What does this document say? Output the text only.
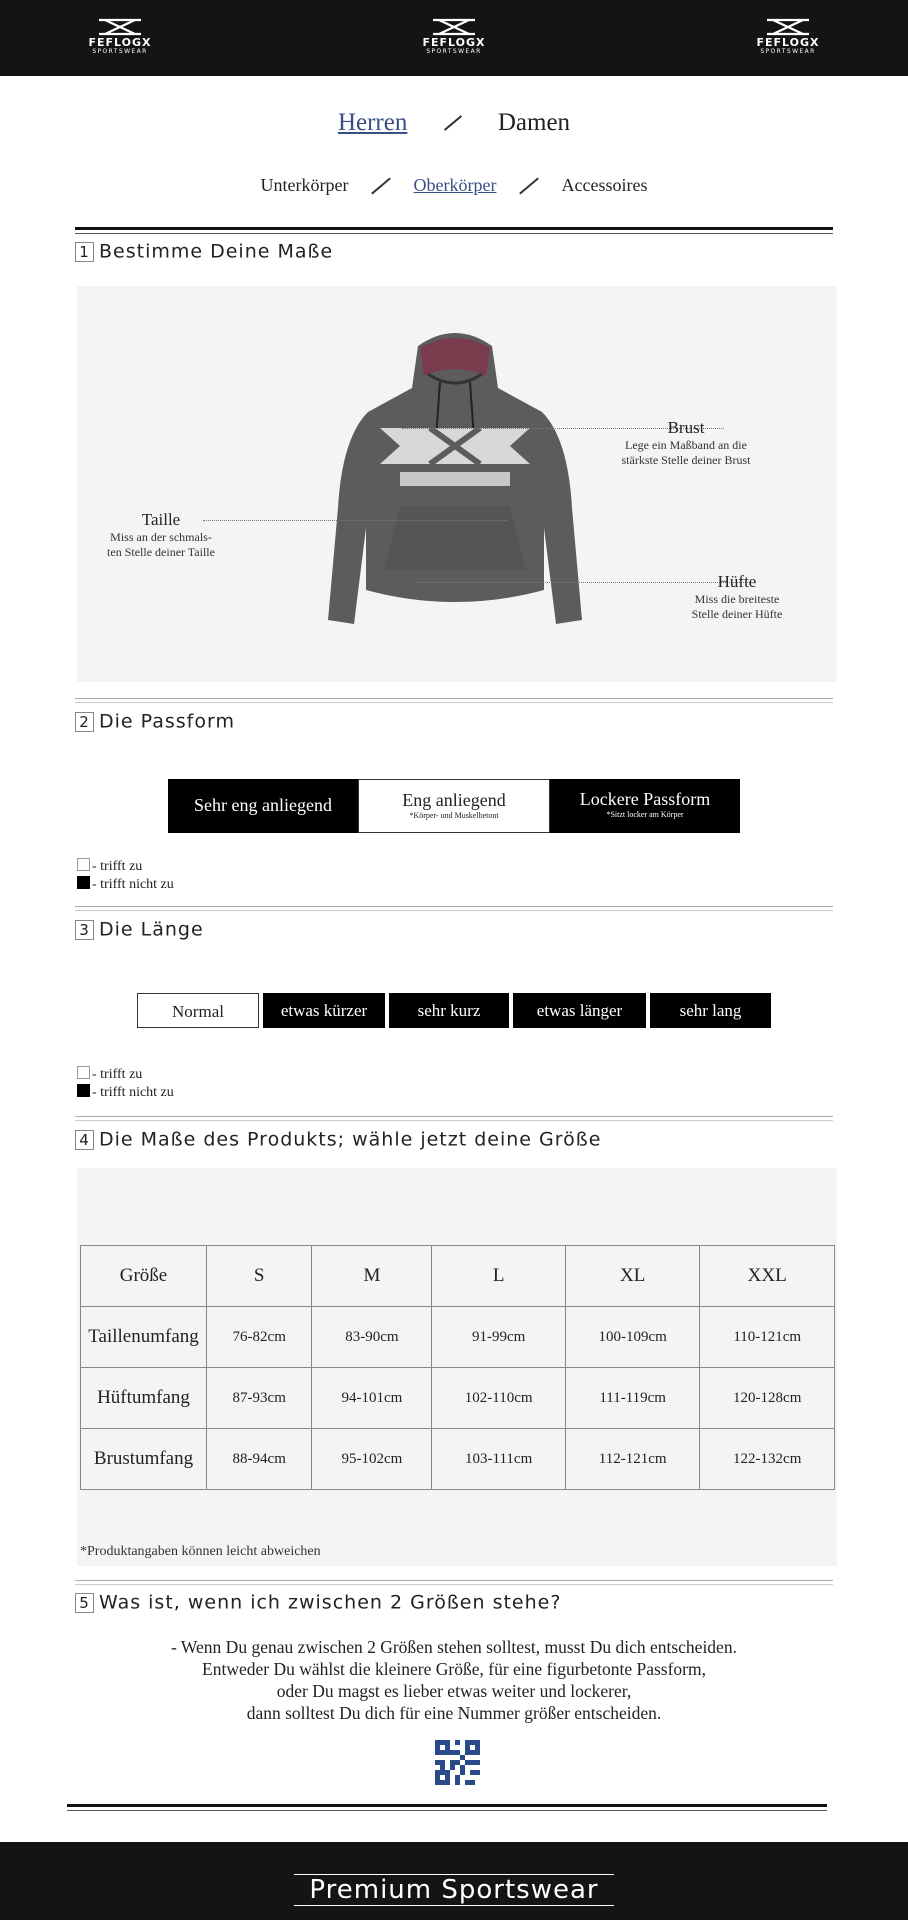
FEFLOGX
SPORTSWEAR
FEFLOGX
SPORTSWEAR
FEFLOGX
SPORTSWEAR
Herren	Damen
Unterkörper	Oberkörper	Accessoires
1 Bestimme Deine Maße
Brust
Lege ein Maßband an die
stärkste Stelle deiner Brust
Taille
Miss an der schmals-
ten Stelle deiner Taille
Hüfte
Miss die breiteste
Stelle deiner Hüfte
2 Die Passform
Sehr eng anliegend	Eng anliegend
*Körper- und Muskelbetont
Lockere Passform
*Sitzt locker am Körper
- trifft zu
- trifft nicht zu
3 Die Länge
Normal	etwas kürzer	sehr kurz	etwas länger	sehr lang
- trifft zu
- trifft nicht zu
4 Die Maße des Produkts; wähle jetzt deine Größe
Größe	S	M	L	XL	XXL
Taillenumfang	76-82cm	83-90cm	91-99cm	100-109cm	110-121cm
Hüftumfang	87-93cm	94-101cm	102-110cm	111-119cm	120-128cm
Brustumfang	88-94cm	95-102cm	103-111cm	112-121cm	122-132cm
*Produktangaben können leicht abweichen
5 Was ist, wenn ich zwischen 2 Größen stehe?
- Wenn Du genau zwischen 2 Größen stehen solltest, musst Du dich entscheiden.
Entweder Du wählst die kleinere Größe, für eine figurbetonte Passform,
oder Du magst es lieber etwas weiter und lockerer,
dann solltest Du dich für eine Nummer größer entscheiden.
Premium Sportswear
